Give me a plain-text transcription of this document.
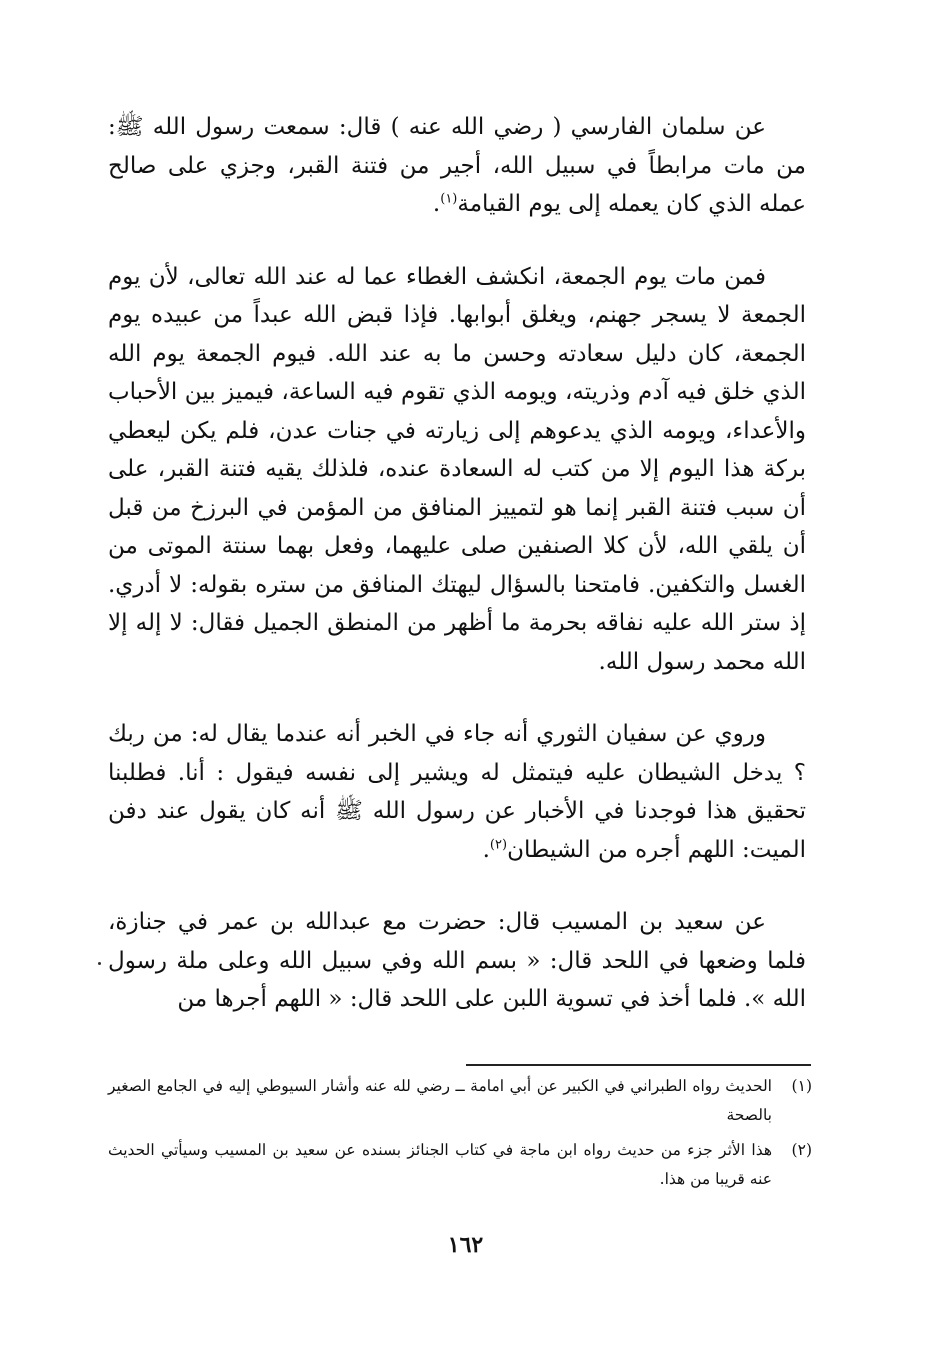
عن سلمان الفارسي ( رضي الله عنه ) قال: سمعت رسول الله ﷺ: من مات مرابطاً في سبيل الله، أجير من فتنة القبر، وجزي على صالح عمله الذي كان يعمله إلى يوم القيامة$^{(١)}$.

فمن مات يوم الجمعة، انكشف الغطاء عما له عند الله تعالى، لأن يوم الجمعة لا يسجر جهنم، ويغلق أبوابها. فإذا قبض الله عبداً من عبيده يوم الجمعة، كان دليل سعادته وحسن ما به عند الله. فيوم الجمعة يوم الله الذي خلق فيه آدم وذريته، ويومه الذي تقوم فيه الساعة، فيميز بين الأحباب والأعداء، ويومه الذي يدعوهم إلى زيارته في جنات عدن، فلم يكن ليعطي بركة هذا اليوم إلا من كتب له السعادة عنده، فلذلك يقيه فتنة القبر، على أن سبب فتنة القبر إنما هو لتمييز المنافق من المؤمن في البرزخ من قبل أن يلقي الله، لأن كلا الصنفين صلى عليهما، وفعل بهما سنتة الموتى من الغسل والتكفين. فامتحنا بالسؤال ليهتك المنافق من ستره بقوله: لا أدري. إذ ستر الله عليه نفاقه بحرمة ما أظهر من المنطق الجميل فقال: لا إله إلا الله محمد رسول الله.

وروي عن سفيان الثوري أنه جاء في الخبر أنه عندما يقال له: من ربك ؟ يدخل الشيطان عليه فيتمثل له ويشير إلى نفسه فيقول : أنا. فطلبنا تحقيق هذا فوجدنا في الأخبار عن رسول الله ﷺ أنه كان يقول عند دفن الميت: اللهم أجره من الشيطان$^{(٢)}$.

عن سعيد بن المسيب قال: حضرت مع عبدالله بن عمر في جنازة، فلما وضعها في اللحد قال: « بسم الله وفي سبيل الله وعلى ملة رسول الله ». فلما أخذ في تسوية اللبن على اللحد قال: « اللهم أجرها من

(١)الحديث رواه الطبراني في الكبير عن أبي امامة ــ رضي لله عنه وأشار السيوطي إليه في الجامع الصغير بالصحة

(٢)هذا الأثر جزء من حديث رواه ابن ماجة في كتاب الجنائز بسنده عن سعيد بن المسيب وسيأتي الحديث عنه قريبا من هذا.

١٦٢
